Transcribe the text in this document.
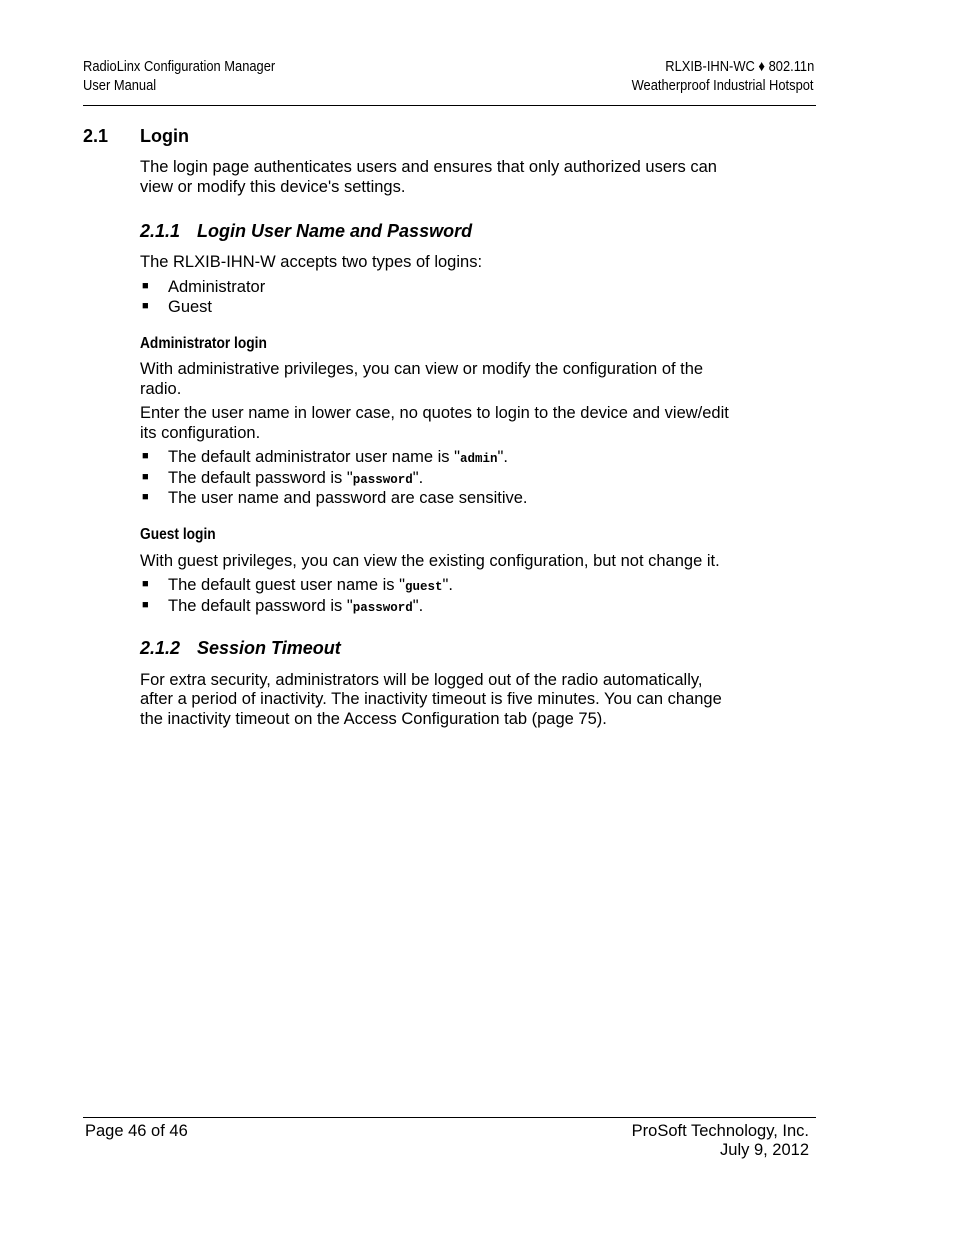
RadioLinx Configuration Manager
User Manual
RLXIB-IHN-WC ♦ 802.11n
Weatherproof Industrial Hotspot
2.1 Login
The login page authenticates users and ensures that only authorized users can
view or modify this device's settings.
2.1.1 Login User Name and Password
The RLXIB-IHN-W accepts two types of logins:
■ Administrator
■ Guest
Administrator login
With administrative privileges, you can view or modify the configuration of the
radio.
Enter the user name in lower case, no quotes to login to the device and view/edit
its configuration.
■ The default administrator user name is "admin".
■ The default password is "password".
■ The user name and password are case sensitive.
Guest login
With guest privileges, you can view the existing configuration, but not change it.
■ The default guest user name is "guest".
■ The default password is "password".
2.1.2 Session Timeout
For extra security, administrators will be logged out of the radio automatically,
after a period of inactivity. The inactivity timeout is five minutes. You can change
the inactivity timeout on the Access Configuration tab (page 75).
Page 46 of 46	ProSoft Technology, Inc.
July 9, 2012
